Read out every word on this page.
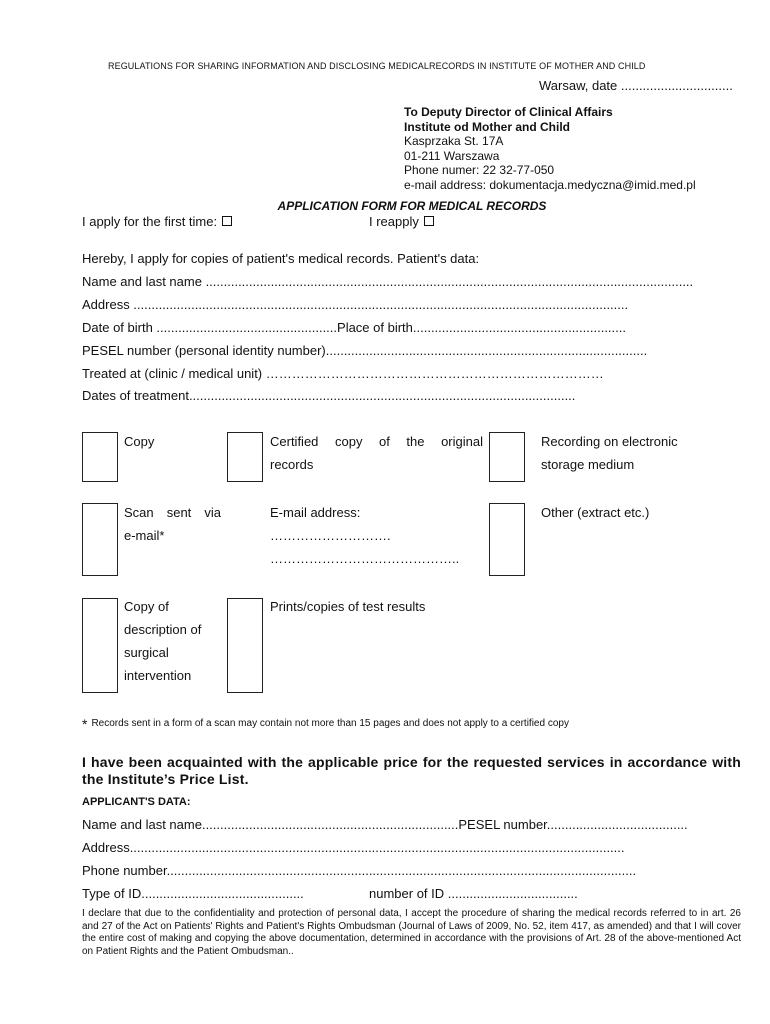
REGULATIONS FOR SHARING INFORMATION AND DISCLOSING MEDICALRECORDS IN INSTITUTE OF MOTHER AND CHILD
Warsaw, date ...............................
To Deputy Director of Clinical Affairs
Institute od Mother and Child
Kasprzaka St. 17A
01-211 Warszawa
Phone numer: 22 32-77-050
e-mail address: dokumentacja.medyczna@imid.med.pl
APPLICATION FORM FOR MEDICAL RECORDS
I apply for the first time:	I reapply
Hereby, I apply for copies of patient's medical records. Patient's data:
Name and last name .......................................................................................................................................
Address .........................................................................................................................................
Date of birth ..................................................Place of birth...........................................................
PESEL number (personal identity number).........................................................................................
Treated at (clinic / medical unit) ……………………………………………………………………
Dates of treatment...........................................................................................................
Copy	Certified copy of the original
records
Recording on electronic
storage medium
Scan sent via
e-mail*
E-mail address:
……………………….
……………………………………..
Other (extract etc.)
Copy of
description of
surgical
intervention
Prints/copies of test results
* Records sent in a form of a scan may contain not more than 15 pages and does not apply to a certified copy
I have been acquainted with the applicable price for the requested services in accordance with the Institute’s Price List.
APPLICANT'S DATA:
Name and last name.......................................................................PESEL number.......................................
Address.........................................................................................................................................
Phone number..................................................................................................................................
Type of ID.............................................	number of ID ....................................
I declare that due to the confidentiality and protection of personal data, I accept the procedure of sharing the medical records referred to in art. 26 and 27 of the Act on Patients' Rights and Patient's Rights Ombudsman (Journal of Laws of 2009, No. 52, item 417, as amended) and that I will cover the entire cost of making and copying the above documentation, determined in accordance with the provisions of Art. 28 of the above-mentioned Act on Patient Rights and the Patient Ombudsman..
